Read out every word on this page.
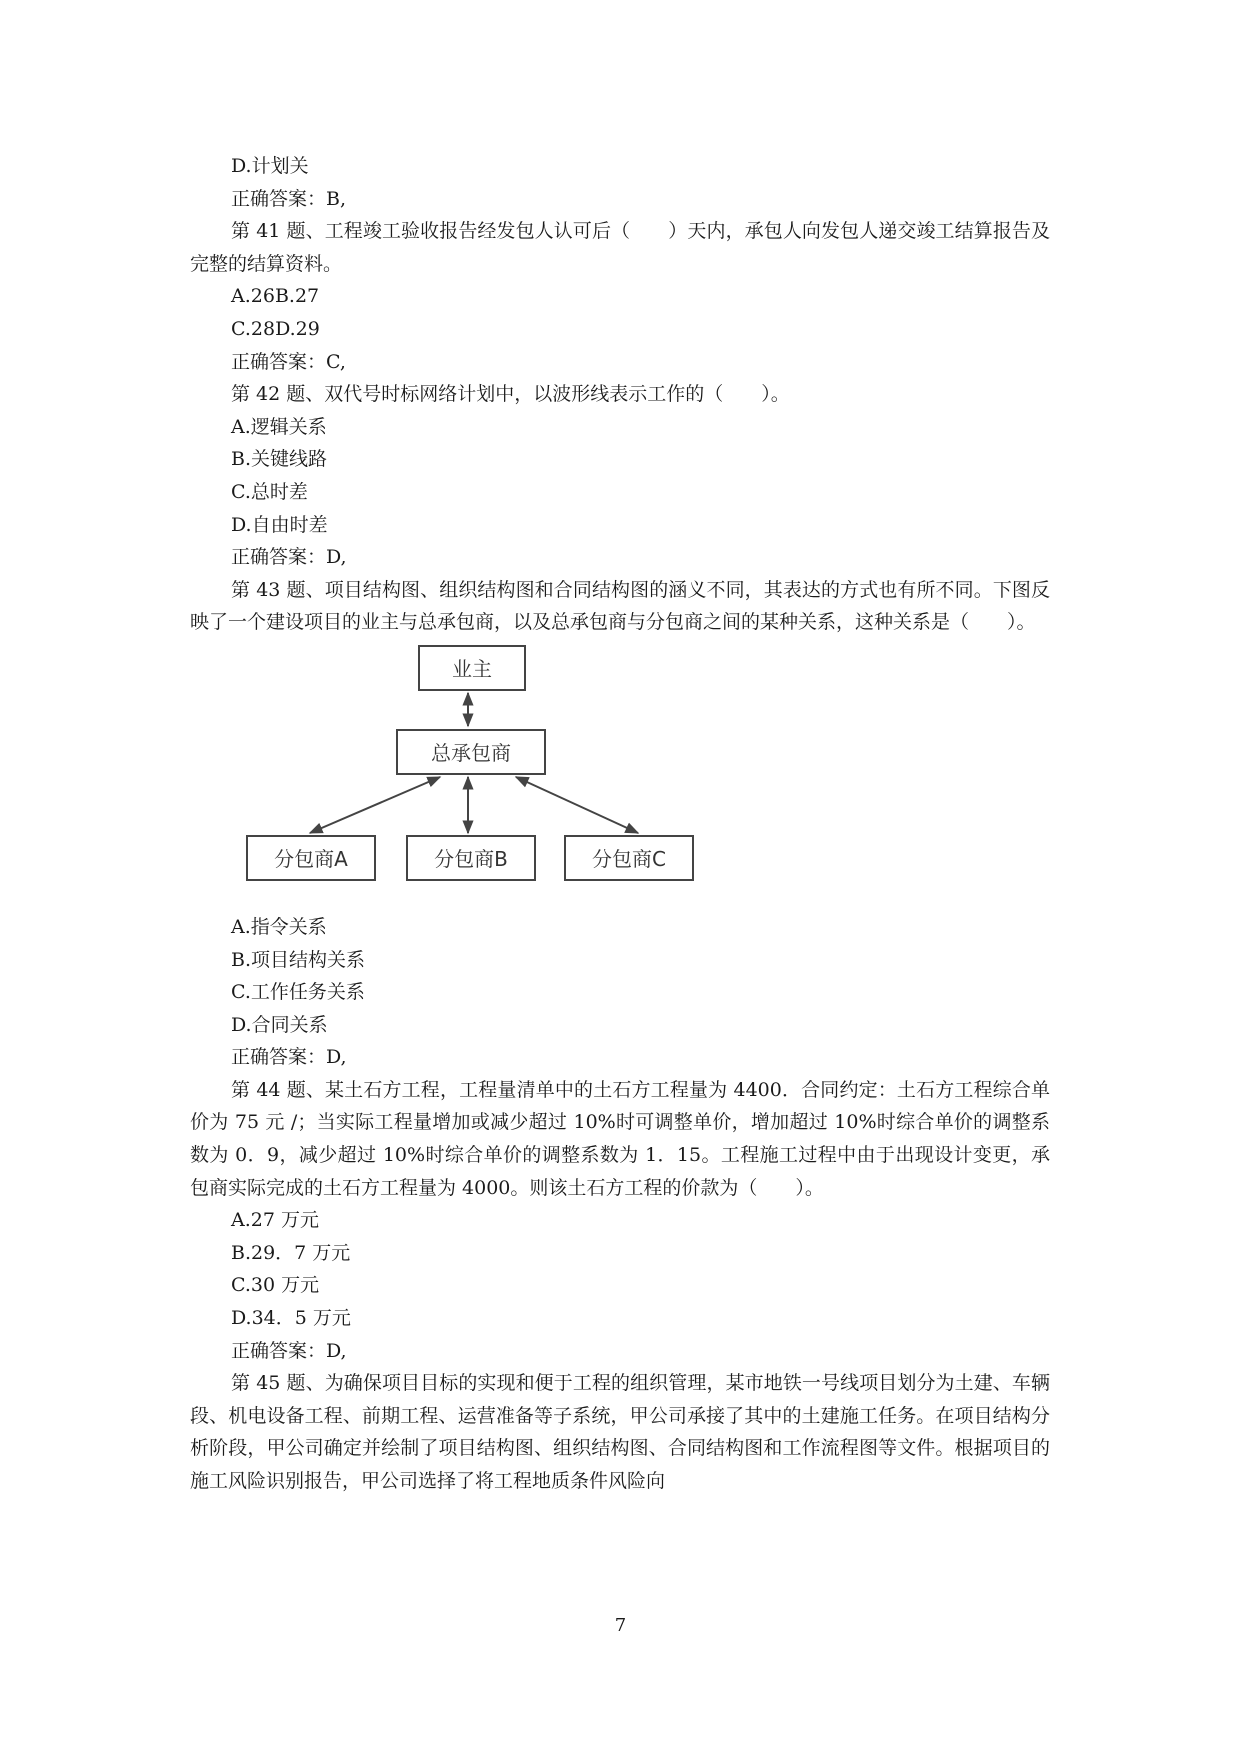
D.计划关
正确答案：B,

第 41 题、工程竣工验收报告经发包人认可后（　　）天内，承包人向发包人递交竣工结算报告及完整的结算资料。

A.26B.27
C.28D.29
正确答案：C,

第 42 题、双代号时标网络计划中，以波形线表示工作的（　　）。

A.逻辑关系
B.关键线路
C.总时差
D.自由时差
正确答案：D,

第 43 题、项目结构图、组织结构图和合同结构图的涵义不同，其表达的方式也有所不同。下图反映了一个建设项目的业主与总承包商，以及总承包商与分包商之间的某种关系，这种关系是（　　）。

业主
总承包商
分包商A	分包商B	分包商C
A.指令关系
B.项目结构关系
C.工作任务关系
D.合同关系
正确答案：D,

第 44 题、某土石方工程，工程量清单中的土石方工程量为 4400．合同约定：土石方工程综合单价为 75 元 /；当实际工程量增加或减少超过 10%时可调整单价，增加超过 10%时综合单价的调整系数为 0．9，减少超过 10%时综合单价的调整系数为 1．15。工程施工过程中由于出现设计变更，承包商实际完成的土石方工程量为 4000。则该土石方工程的价款为（　　）。

A.27 万元
B.29．7 万元
C.30 万元
D.34．5 万元
正确答案：D,

第 45 题、为确保项目目标的实现和便于工程的组织管理，某市地铁一号线项目划分为土建、车辆段、机电设备工程、前期工程、运营准备等子系统，甲公司承接了其中的土建施工任务。在项目结构分析阶段，甲公司确定并绘制了项目结构图、组织结构图、合同结构图和工作流程图等文件。根据项目的施工风险识别报告，甲公司选择了将工程地质条件风险向

7
